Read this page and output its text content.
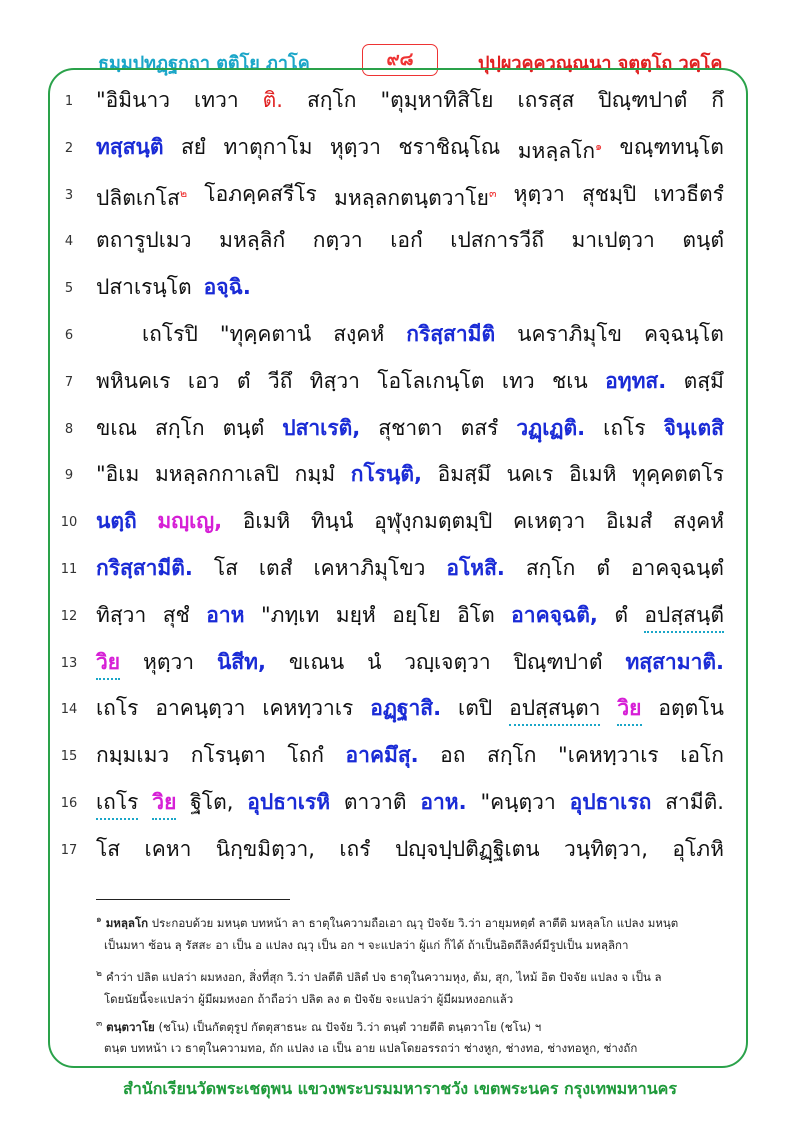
ธมฺมปทฏฺฐกถา ตติโย ภาโค	๙๘	ปุปฺผวคฺควณฺณนา จตุตฺโถ วคฺโค
1	"อิมินาว เทวา ติ. สกฺโก "ตุมฺหาทิสิโย เถรสฺส ปิณฺฑปาตํ กึ
2	ทสฺสนฺติ สยํ ทาตุกาโม หุตฺวา ชราชิณฺโณ มหลฺลโก$^๑$ ขณฺฑทนฺโต
3	ปลิตเกโส$^๒$ โอภคฺคสรีโร มหลฺลกตนฺตวาโย$^๓$ หุตฺวา สุชมฺปิ เทวธีตรํ
4	ตถารูปเมว มหลฺลิกํ กตฺวา เอกํ เปสการวีถึ มาเปตฺวา ตนฺตํ
5	ปสาเรนฺโต อจฺฉิ.
6	เถโรปิ "ทุคฺคตานํ สงฺคหํ กริสฺสามีติ นคราภิมุโข คจฺฉนฺโต
7	พหินคเร เอว ตํ วีถึ ทิสฺวา โอโลเกนฺโต เทว ชเน อทฺทส. ตสฺมึ
8	ขเณ สกฺโก ตนฺตํ ปสาเรติ, สุชาตา ตสรํ วฏฺเฏติ. เถโร จินฺเตสิ
9	"อิเม มหลฺลกกาเลปิ กมฺมํ กโรนฺติ, อิมสฺมึ นคเร อิเมหิ ทุคฺคตตโร
10 นตฺถิ มญฺเญ, อิเมหิ ทินฺนํ อุฬุงฺกมตฺตมฺปิ คเหตฺวา อิเมสํ สงฺคหํ
11 กริสฺสามีติ. โส เตสํ เคหาภิมุโขว อโหสิ. สกฺโก ตํ อาคจฺฉนฺตํ
12 ทิสฺวา สุชํ อาห "ภทฺเท มยฺหํ อยฺโย อิโต อาคจฺฉติ, ตํ อปสฺสนฺตี
13 วิย หุตฺวา นิสีท, ขเณน นํ วญฺเจตฺวา ปิณฺฑปาตํ ทสฺสามาติ.
14 เถโร อาคนฺตฺวา เคหทฺวาเร อฏฺฐาสิ. เตปิ อปสฺสนฺตา วิย อตฺตโน
15 กมฺมเมว กโรนฺตา โถกํ อาคมึสุ. อถ สกฺโก "เคหทฺวาเร เอโก
16 เถโร วิย ฐิโต, อุปธาเรหิ ตาวาติ อาห. "คนฺตฺวา อุปธาเรถ สามีติ.
17 โส เคหา นิกฺขมิตฺวา, เถรํ ปญฺจปฺปติฏฺฐิเตน วนฺทิตฺวา, อุโภหิ
$^๑$ มหลฺลโก ประกอบด้วย มหนฺต บทหน้า ลา ธาตุในความถือเอา ณฺวุ ปัจจัย วิ.ว่า อายุมหตฺตํ ลาตีติ มหลฺลโก แปลง มหนฺต
เป็นมหา ซ้อน ลฺ รัสสะ อา เป็น อ แปลง ณฺวุ เป็น อก ฯ จะแปลว่า ผู้แก่ ก็ได้ ถ้าเป็นอิตถีลิงค์มีรูปเป็น มหลฺลิกา
$^๒$ คําว่า ปลิต แปลว่า ผมหงอก, สิ่งที่สุก วิ.ว่า ปลตีติ ปลิตํ ปจ ธาตุในความหุง, ต้ม, สุก, ไหม้ อิต ปัจจัย แปลง จ เป็น ล
โดยนัยนี้จะแปลว่า ผู้มีผมหงอก ถ้าถือว่า ปลิต ลง ต ปัจจัย จะแปลว่า ผู้มีผมหงอกแล้ว
$^๓$ ตนฺตวาโย (ชโน) เป็นกัตตุรูป กัตตุสาธนะ ณ ปัจจัย วิ.ว่า ตนฺตํ วายตีติ ตนฺตวาโย (ชโน) ฯ
ตนฺต บทหน้า เว ธาตุในความทอ, ถัก แปลง เอ เป็น อาย แปลโดยอรรถว่า ช่างหูก, ช่างทอ, ช่างทอหูก, ช่างถัก
สํานักเรียนวัดพระเชตุพน แขวงพระบรมมหาราชวัง เขตพระนคร กรุงเทพมหานคร
